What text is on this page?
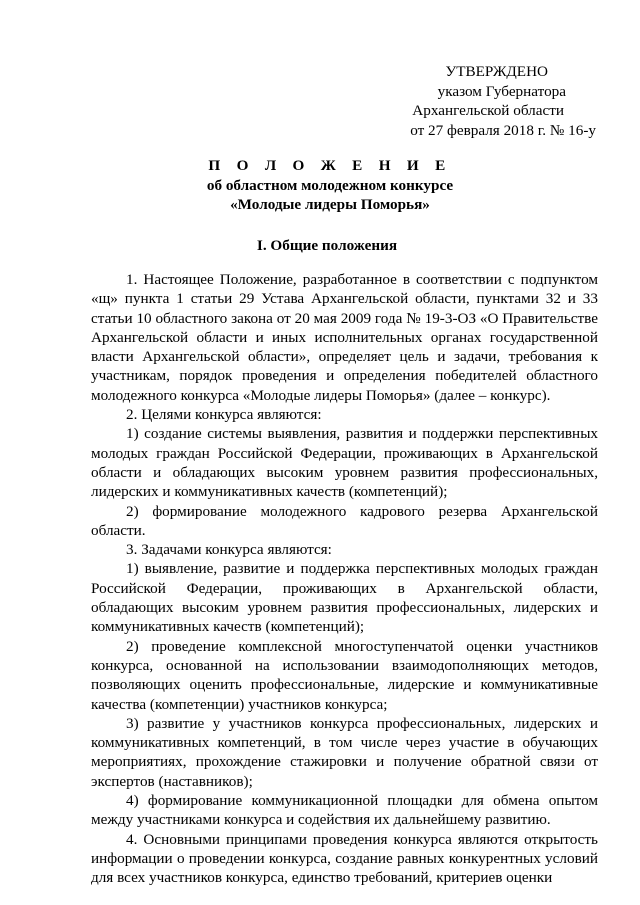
УТВЕРЖДЕНО
указом Губернатора
Архангельской области
от 27 февраля 2018 г. № 16-у
П О Л О Ж Е Н И Е
об областном молодежном конкурсе
«Молодые лидеры Поморья»
I. Общие положения

1. Настоящее Положение, разработанное в соответствии с подпунктом «щ» пункта 1 статьи 29 Устава Архангельской области, пунктами 32 и 33 статьи 10 областного закона от 20 мая 2009 года № 19-3-ОЗ «О Правительстве Архангельской области и иных исполнительных органах государственной власти Архангельской области», определяет цель и задачи, требования к участникам, порядок проведения и определения победителей областного молодежного конкурса «Молодые лидеры Поморья» (далее – конкурс).

2. Целями конкурса являются:

1) создание системы выявления, развития и поддержки перспективных молодых граждан Российской Федерации, проживающих в Архангельской области и обладающих высоким уровнем развития профессиональных, лидерских и коммуникативных качеств (компетенций);

2) формирование молодежного кадрового резерва Архангельской области.

3. Задачами конкурса являются:

1) выявление, развитие и поддержка перспективных молодых граждан Российской Федерации, проживающих в Архангельской области, обладающих высоким уровнем развития профессиональных, лидерских и коммуникативных качеств (компетенций);

2) проведение комплексной многоступенчатой оценки участников конкурса, основанной на использовании взаимодополняющих методов, позволяющих оценить профессиональные, лидерские и коммуникативные качества (компетенции) участников конкурса;

3) развитие у участников конкурса профессиональных, лидерских и коммуникативных компетенций, в том числе через участие в обучающих мероприятиях, прохождение стажировки и получение обратной связи от экспертов (наставников);

4) формирование коммуникационной площадки для обмена опытом между участниками конкурса и содействия их дальнейшему развитию.

4. Основными принципами проведения конкурса являются открытость информации о проведении конкурса, создание равных конкурентных условий для всех участников конкурса, единство требований, критериев оценки
